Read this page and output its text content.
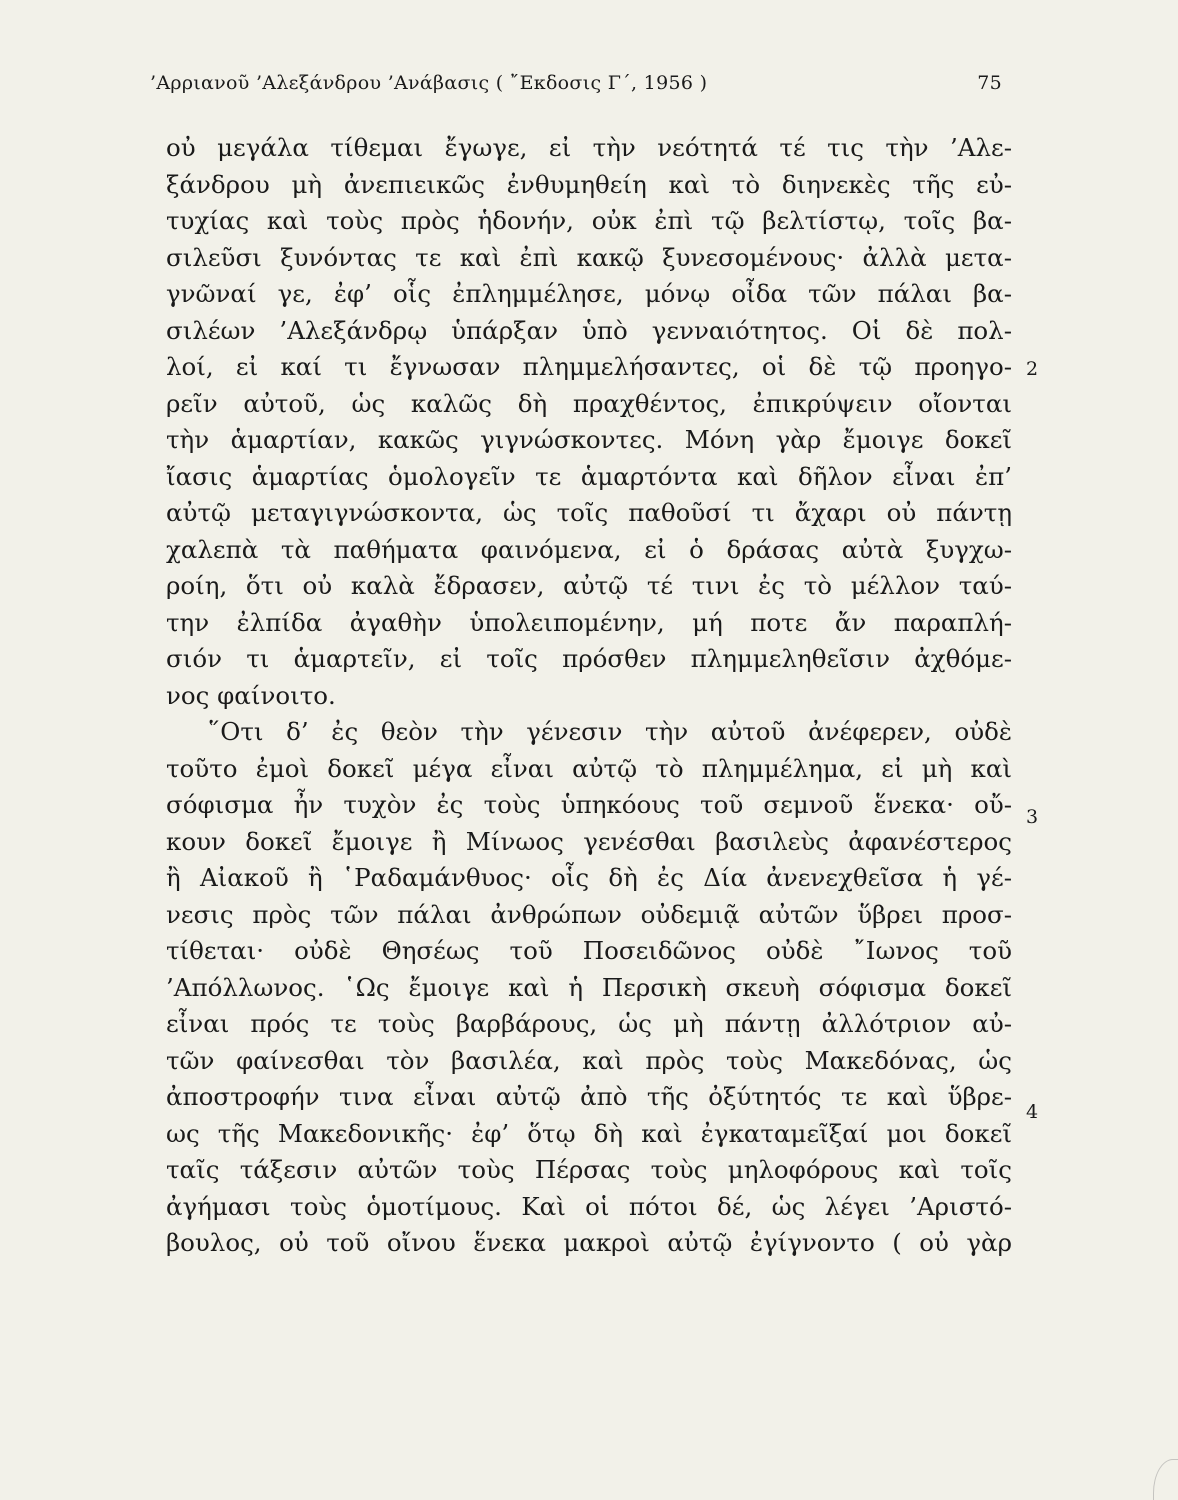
’Αρριανοῦ ’Αλεξάνδρου ’Ανάβασις ( ῎Εκδοσις Γ΄, 1956 )	75
οὐ μεγάλα τίθεμαι ἔγωγε, εἰ τὴν νεότητά τέ τις τὴν ’Αλε-
ξάνδρου μὴ ἀνεπιεικῶς ἐνθυμηθείη καὶ τὸ διηνεκὲς τῆς εὐ-
τυχίας καὶ τοὺς πρὸς ἡδονήν, οὐκ ἐπὶ τῷ βελτίστῳ, τοῖς βα-
σιλεῦσι ξυνόντας τε καὶ ἐπὶ κακῷ ξυνεσομένους· ἀλλὰ μετα-
γνῶναί γε, ἐφ’ οἷς ἐπλημμέλησε, μόνῳ οἶδα τῶν πάλαι βα-
σιλέων ’Αλεξάνδρῳ ὑπάρξαν ὑπὸ γενναιότητος. Οἱ δὲ πολ-
λοί, εἰ καί τι ἔγνωσαν πλημμελήσαντες, οἱ δὲ τῷ προηγο-
ρεῖν αὐτοῦ, ὡς καλῶς δὴ πραχθέντος, ἐπικρύψειν οἴονται
τὴν ἁμαρτίαν, κακῶς γιγνώσκοντες. Μόνη γὰρ ἔμοιγε δοκεῖ
ἴασις ἁμαρτίας ὁμολογεῖν τε ἁμαρτόντα καὶ δῆλον εἶναι ἐπ’
αὐτῷ μεταγιγνώσκοντα, ὡς τοῖς παθοῦσί τι ἄχαρι οὐ πάντῃ
χαλεπὰ τὰ παθήματα φαινόμενα, εἰ ὁ δράσας αὐτὰ ξυγχω-
ροίη, ὅτι οὐ καλὰ ἔδρασεν, αὐτῷ τέ τινι ἐς τὸ μέλλον ταύ-
την ἐλπίδα ἀγαθὴν ὑπολειπομένην, μή ποτε ἄν παραπλή-
σιόν τι ἁμαρτεῖν, εἰ τοῖς πρόσθεν πλημμεληθεῖσιν ἀχθόμε-
νος φαίνοιτο.
῞Οτι δ’ ἐς θεὸν τὴν γένεσιν τὴν αὐτοῦ ἀνέφερεν, οὐδὲ
τοῦτο ἐμοὶ δοκεῖ μέγα εἶναι αὐτῷ τὸ πλημμέλημα, εἰ μὴ καὶ
σόφισμα ἦν τυχὸν ἐς τοὺς ὑπηκόους τοῦ σεμνοῦ ἕνεκα· οὔ-
κουν δοκεῖ ἔμοιγε ἢ Μίνωος γενέσθαι βασιλεὺς ἀφανέστερος
ἢ Αἰακοῦ ἢ ῾Ραδαμάνθυος· οἷς δὴ ἐς Δία ἀνενεχθεῖσα ἡ γέ-
νεσις πρὸς τῶν πάλαι ἀνθρώπων οὐδεμιᾷ αὐτῶν ὕβρει προσ-
τίθεται· οὐδὲ Θησέως τοῦ Ποσειδῶνος οὐδὲ ῎Ιωνος τοῦ
’Απόλλωνος. ῾Ως ἔμοιγε καὶ ἡ Περσικὴ σκευὴ σόφισμα δοκεῖ
εἶναι πρός τε τοὺς βαρβάρους, ὡς μὴ πάντῃ ἀλλότριον αὐ-
τῶν φαίνεσθαι τὸν βασιλέα, καὶ πρὸς τοὺς Μακεδόνας, ὡς
ἀποστροφήν τινα εἶναι αὐτῷ ἀπὸ τῆς ὀξύτητός τε καὶ ὕβρε-
ως τῆς Μακεδονικῆς· ἐφ’ ὅτῳ δὴ καὶ ἐγκαταμεῖξαί μοι δοκεῖ
ταῖς τάξεσιν αὐτῶν τοὺς Πέρσας τοὺς μηλοφόρους καὶ τοῖς
ἀγήμασι τοὺς ὁμοτίμους. Καὶ οἱ πότοι δέ, ὡς λέγει ’Αριστό-
βουλος, οὐ τοῦ οἴνου ἕνεκα μακροὶ αὐτῷ ἐγίγνοντο ( οὐ γὰρ
2
3
4
